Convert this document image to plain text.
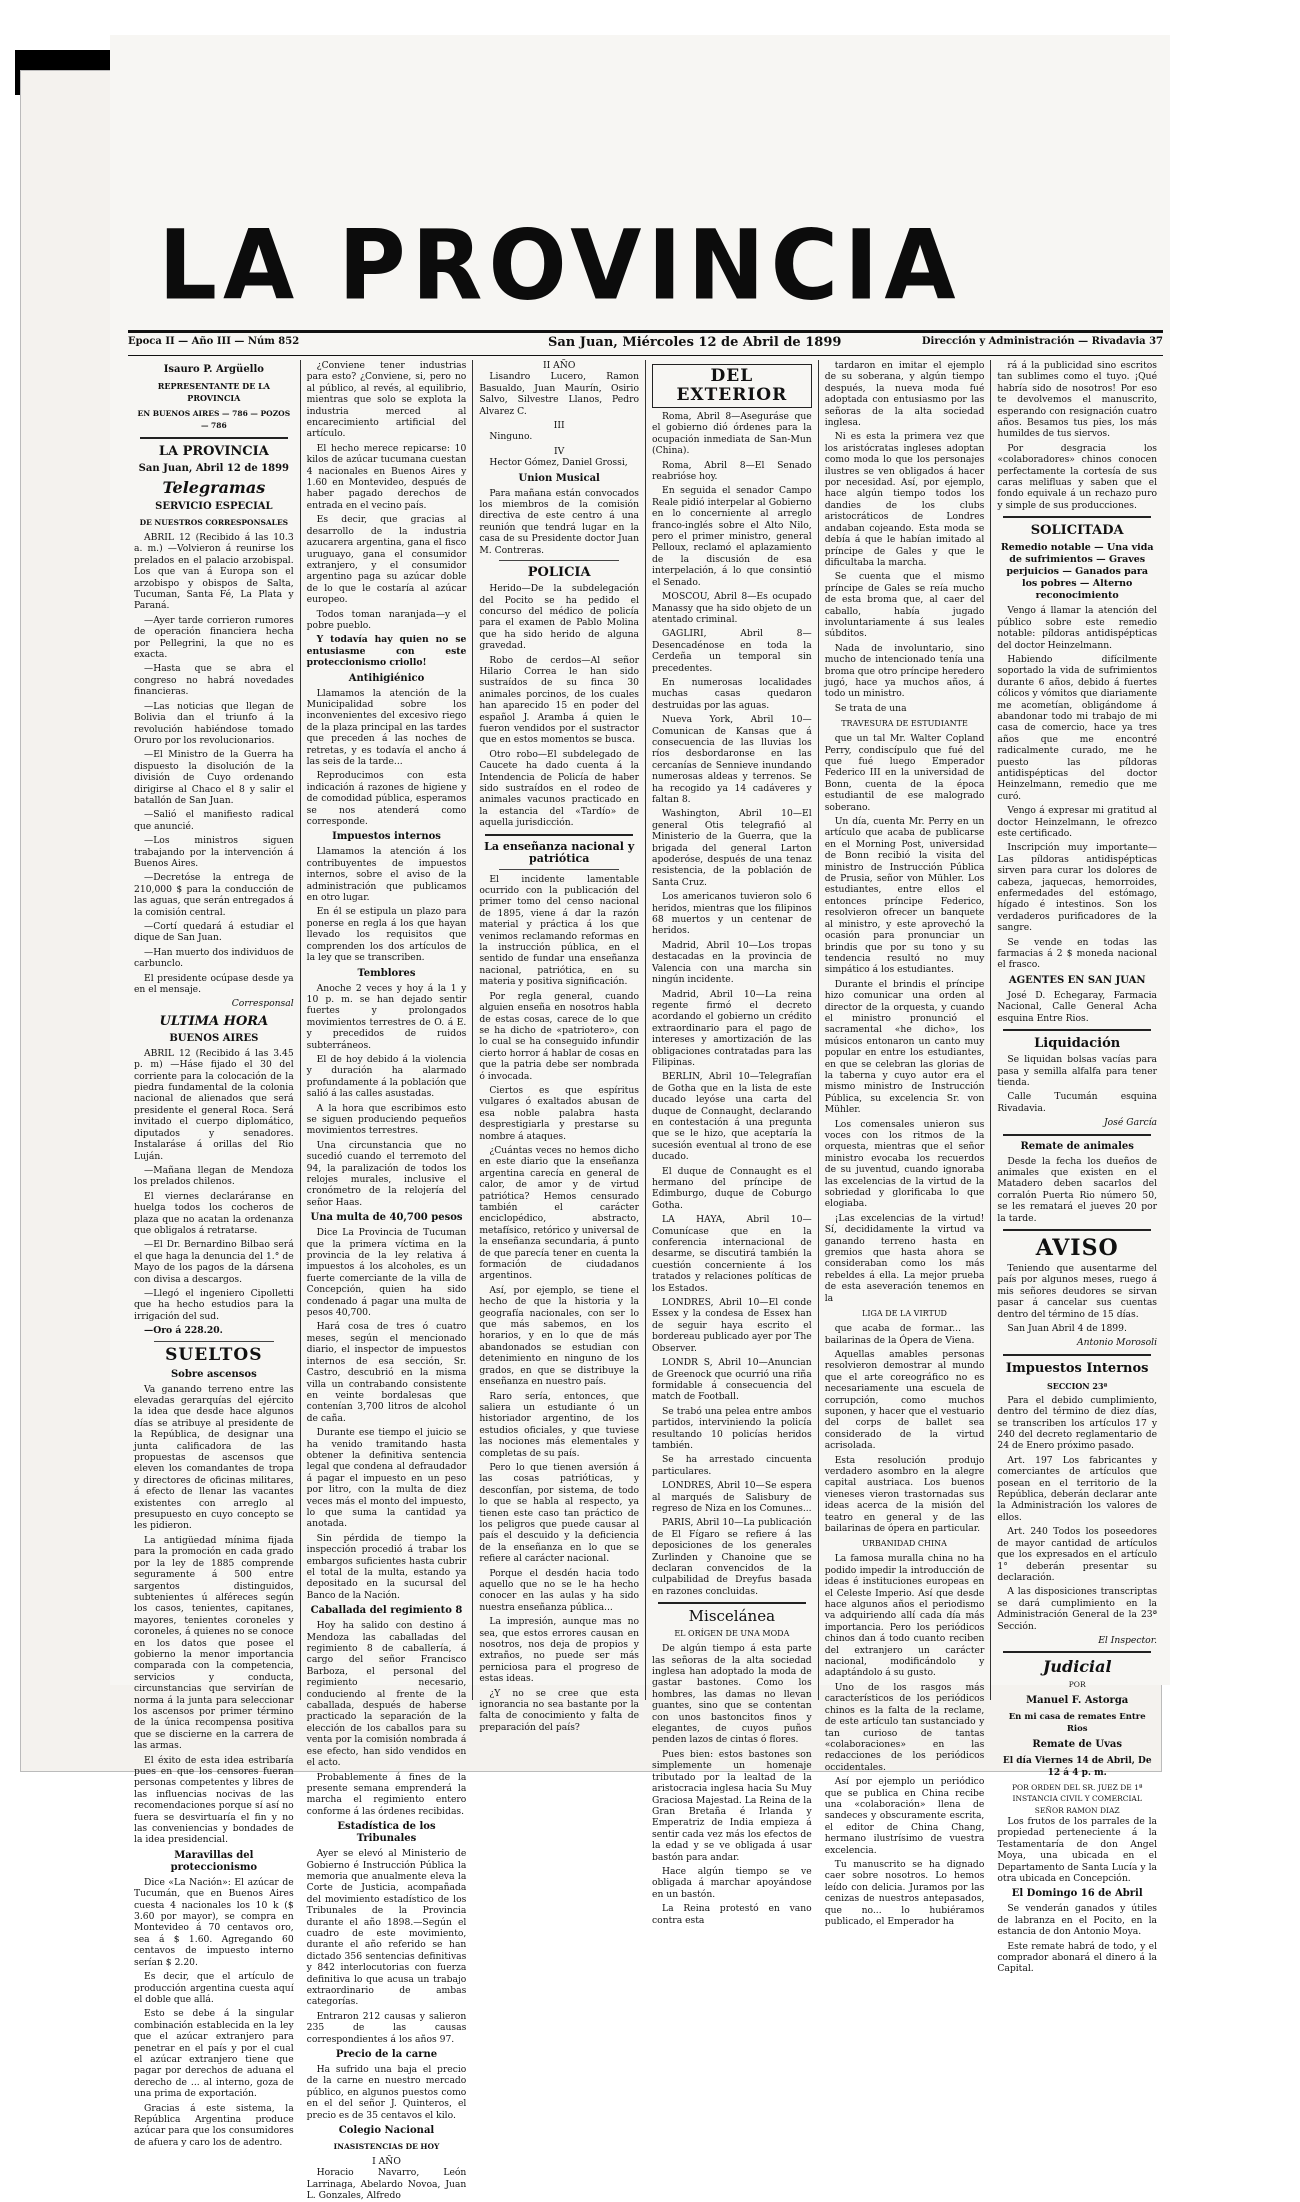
LA PROVINCIA
Epoca II — Año III — Núm 852	San Juan, Miércoles 12 de Abril de 1899	Dirección y Administración — Rivadavia 37
Isauro P. Argüello
REPRESENTANTE DE LA PROVINCIA
EN BUENOS AIRES — 786 — POZOS — 786
LA PROVINCIA
San Juan, Abril 12 de 1899
Telegramas
SERVICIO ESPECIAL
DE NUESTROS CORRESPONSALES

ABRIL 12 (Recibido á las 10.3 a. m.) —Volvieron á reunirse los prelados en el palacio arzobispal. Los que van á Europa son el arzobispo y obispos de Salta, Tucuman, Santa Fé, La Plata y Paraná.

—Ayer tarde corrieron rumores de operación financiera hecha por Pellegrini, la que no es exacta.

—Hasta que se abra el congreso no habrá novedades financieras.

—Las noticias que llegan de Bolivia dan el triunfo á la revolución habiéndose tomado Oruro por los revolucionarios.

—El Ministro de la Guerra ha dispuesto la disolución de la división de Cuyo ordenando dirigirse al Chaco el 8 y salir el batallón de San Juan.

—Salió el manifiesto radical que anuncié.

—Los ministros siguen trabajando por la intervención á Buenos Aires.

—Decretóse la entrega de 210,000 $ para la conducción de las aguas, que serán entregados á la comisión central.

—Cortí quedará á estudiar el dique de San Juan.

—Han muerto dos individuos de carbunclo.

El presidente ocúpase desde ya en el mensaje.

Corresponsal

ULTIMA HORA
BUENOS AIRES

ABRIL 12 (Recibido á las 3.45 p. m) —Háse fijado el 30 del corriente para la colocación de la piedra fundamental de la colonia nacional de alienados que será presidente el general Roca. Será invitado el cuerpo diplomático, diputados y senadores. Instalaráse á orillas del Rio Luján.

—Mañana llegan de Mendoza los prelados chilenos.

El viernes declaráranse en huelga todos los cocheros de plaza que no acatan la ordenanza que obligalos á retratarse.

—El Dr. Bernardino Bilbao será el que haga la denuncia del 1.° de Mayo de los pagos de la dársena con divisa a descargos.

—Llegó el ingeniero Cipolletti que ha hecho estudios para la irrigación del sud.

—Oro á 228.20.

SUELTOS
Sobre ascensos

Va ganando terreno entre las elevadas gerarquías del ejército la idea que desde hace algunos días se atribuye al presidente de la República, de designar una junta calificadora de las propuestas de ascensos que eleven los comandantes de tropa y directores de oficinas militares, á efecto de llenar las vacantes existentes con arreglo al presupuesto en cuyo concepto se les pidieron.

La antigüedad mínima fijada para la promoción en cada grado por la ley de 1885 comprende seguramente á 500 entre sargentos distinguidos, subtenientes ú alféreces según los casos, tenientes, capitanes, mayores, tenientes coroneles y coroneles, á quienes no se conoce en los datos que posee el gobierno la menor importancia comparada con la competencia, servicios y conducta, circunstancias que servirían de norma á la junta para seleccionar los ascensos por primer término de la única recompensa positiva que se discierne en la carrera de las armas.

El éxito de esta idea estribaría pues en que los censores fueran personas competentes y libres de las influencias nocivas de las recomendaciones porque sí así no fuera se desvirtuaría el fin y no las conveniencias y bondades de la idea presidencial.

Maravillas del proteccionismo

Dice «La Nación»: El azúcar de Tucumán, que en Buenos Aires cuesta 4 nacionales los 10 k ($ 3.60 por mayor), se compra en Montevideo á 70 centavos oro, sea á $ 1.60. Agregando 60 centavos de impuesto interno serían $ 2.20.

Es decir, que el artículo de producción argentina cuesta aquí el doble que allá.

Esto se debe á la singular combinación establecida en la ley que el azúcar extranjero para penetrar en el país y por el cual el azúcar extranjero tiene que pagar por derechos de aduana el derecho de ... al interno, goza de una prima de exportación.

Gracias á este sistema, la República Argentina produce azúcar para que los consumidores de afuera y caro los de adentro.

¿Conviene tener industrias para esto? ¿Conviene, si, pero no al público, al revés, al equilibrio, mientras que solo se explota la industria merced al encarecimiento artificial del artículo.

El hecho merece repicarse: 10 kilos de azúcar tucumana cuestan 4 nacionales en Buenos Aires y 1.60 en Montevideo, después de haber pagado derechos de entrada en el vecino país.

Es decir, que gracias al desarrollo de la industria azucarera argentina, gana el fisco uruguayo, gana el consumidor extranjero, y el consumidor argentino paga su azúcar doble de lo que le costaría al azúcar europeo.

Todos toman naranjada—y el pobre pueblo.

Y todavía hay quien no se entusiasme con este proteccionismo criollo!

Antihigiénico

Llamamos la atención de la Municipalidad sobre los inconvenientes del excesivo riego de la plaza principal en las tardes que preceden á las noches de retretas, y es todavía el ancho á las seis de la tarde...

Reproducimos con esta indicación á razones de higiene y de comodidad pública, esperamos se nos atenderá como corresponde.

Impuestos internos

Llamamos la atención á los contribuyentes de impuestos internos, sobre el aviso de la administración que publicamos en otro lugar.

En él se estipula un plazo para ponerse en regla á los que hayan llevado los requisitos que comprenden los dos artículos de la ley que se transcriben.

Temblores

Anoche 2 veces y hoy á la 1 y 10 p. m. se han dejado sentir fuertes y prolongados movimientos terrestres de O. á E. y precedidos de ruidos subterráneos.

El de hoy debido á la violencia y duración ha alarmado profundamente á la población que salió á las calles asustadas.

A la hora que escribimos esto se siguen produciendo pequeños movimientos terrestres.

Una circunstancia que no sucedió cuando el terremoto del 94, la paralización de todos los relojes murales, inclusive el cronómetro de la relojería del señor Haas.

Una multa de 40,700 pesos

Dice La Provincia de Tucuman que la primera víctima en la provincia de la ley relativa á impuestos á los alcoholes, es un fuerte comerciante de la villa de Concepción, quien ha sido condenado á pagar una multa de pesos 40,700.

Hará cosa de tres ó cuatro meses, según el mencionado diario, el inspector de impuestos internos de esa sección, Sr. Castro, descubrió en la misma villa un contrabando consistente en veinte bordalesas que contenían 3,700 litros de alcohol de caña.

Durante ese tiempo el juicio se ha venido tramitando hasta obtener la definitiva sentencia legal que condena al defraudador á pagar el impuesto en un peso por litro, con la multa de diez veces más el monto del impuesto, lo que suma la cantidad ya anotada.

Sin pérdida de tiempo la inspección procedió á trabar los embargos suficientes hasta cubrir el total de la multa, estando ya depositado en la sucursal del Banco de la Nación.

Caballada del regimiento 8

Hoy ha salido con destino á Mendoza las caballadas del regimiento 8 de caballería, á cargo del señor Francisco Barboza, el personal del regimiento necesario, conduciendo al frente de la caballada, después de haberse practicado la separación de la elección de los caballos para su venta por la comisión nombrada á ese efecto, han sido vendidos en el acto.

Probablemente á fines de la presente semana emprenderá la marcha el regimiento entero conforme á las órdenes recibidas.

Estadística de los Tribunales

Ayer se elevó al Ministerio de Gobierno é Instrucción Pública la memoria que anualmente eleva la Corte de Justicia, acompañada del movimiento estadístico de los Tribunales de la Provincia durante el año 1898.—Según el cuadro de este movimiento, durante el año referido se han dictado 356 sentencias definitivas y 842 interlocutorias con fuerza definitiva lo que acusa un trabajo extraordinario de ambas categorías.

Entraron 212 causas y salieron 235 de las causas correspondientes á los años 97.

Precio de la carne

Ha sufrido una baja el precio de la carne en nuestro mercado público, en algunos puestos como en el del señor J. Quinteros, el precio es de 35 centavos el kilo.

Colegio Nacional
INASISTENCIAS DE HOY
I AÑO

Horacio Navarro, León Larrinaga, Abelardo Novoa, Juan L. Gonzales, Alfredo

II AÑO

Lisandro Lucero, Ramon Basualdo, Juan Maurín, Osirio Salvo, Silvestre Llanos, Pedro Alvarez C.

III

Ninguno.

IV

Hector Gómez, Daniel Grossi,

Union Musical

Para mañana están convocados los miembros de la comisión directiva de este centro á una reunión que tendrá lugar en la casa de su Presidente doctor Juan M. Contreras.

POLICIA

Herido—De la subdelegación del Pocito se ha pedido el concurso del médico de policía para el examen de Pablo Molina que ha sido herido de alguna gravedad.

Robo de cerdos—Al señor Hilario Correa le han sido sustraídos de su finca 30 animales porcinos, de los cuales han aparecido 15 en poder del español J. Aramba á quien le fueron vendidos por el sustractor que en estos momentos se busca.

Otro robo—El subdelegado de Caucete ha dado cuenta á la Intendencia de Policía de haber sido sustraídos en el rodeo de animales vacunos practicado en la estancia del «Tardío» de aquella jurisdicción.

La enseñanza nacional y patriótica

El incidente lamentable ocurrido con la publicación del primer tomo del censo nacional de 1895, viene á dar la razón material y práctica á los que venimos reclamando reformas en la instrucción pública, en el sentido de fundar una enseñanza nacional, patriótica, en su materia y positiva significación.

Por regla general, cuando alguien enseña en nosotros habla de estas cosas, carece de lo que se ha dicho de «patriotero», con lo cual se ha conseguido infundir cierto horror á hablar de cosas en que la patria debe ser nombrada ó invocada.

Ciertos es que espíritus vulgares ó exaltados abusan de esa noble palabra hasta desprestigiarla y prestarse su nombre á ataques.

¿Cuántas veces no hemos dicho en este diario que la enseñanza argentina carecía en general de calor, de amor y de virtud patriótica? Hemos censurado también el carácter enciclopédico, abstracto, metafísico, retórico y universal de la enseñanza secundaria, á punto de que parecía tener en cuenta la formación de ciudadanos argentinos.

Así, por ejemplo, se tiene el hecho de que la historia y la geografía nacionales, con ser lo que más sabemos, en los horarios, y en lo que de más abandonados se estudian con detenimiento en ninguno de los grados, en que se distribuye la enseñanza en nuestro país.

Raro sería, entonces, que saliera un estudiante ó un historiador argentino, de los estudios oficiales, y que tuviese las nociones más elementales y completas de su país.

Pero lo que tienen aversión á las cosas patrióticas, y desconfían, por sistema, de todo lo que se habla al respecto, ya tienen este caso tan práctico de los peligros que puede causar al país el descuido y la deficiencia de la enseñanza en lo que se refiere al carácter nacional.

Porque el desdén hacia todo aquello que no se le ha hecho conocer en las aulas y ha sido nuestra enseñanza pública...

La impresión, aunque mas no sea, que estos errores causan en nosotros, nos deja de propios y extraños, no puede ser más perniciosa para el progreso de estas ideas.

¿Y no se cree que esta ignorancia no sea bastante por la falta de conocimiento y falta de preparación del país?

DEL EXTERIOR

Roma, Abril 8—Aseguráse que el gobierno dió órdenes para la ocupación inmediata de San-Mun (China).

Roma, Abril 8—El Senado reabrióse hoy.

En seguida el senador Campo Reale pidió interpelar al Gobierno en lo concerniente al arreglo franco-inglés sobre el Alto Nilo, pero el primer ministro, general Pelloux, reclamó el aplazamiento de la discusión de esa interpelación, á lo que consintió el Senado.

MOSCOU, Abril 8—Es ocupado Manassy que ha sido objeto de un atentado criminal.

GAGLIRI, Abril 8—Desencadénose en toda la Cerdeña un temporal sin precedentes.

En numerosas localidades muchas casas quedaron destruidas por las aguas.

Nueva York, Abril 10—Comunican de Kansas que á consecuencia de las lluvias los ríos desbordaronse en las cercanías de Sennieve inundando numerosas aldeas y terrenos. Se ha recogido ya 14 cadáveres y faltan 8.

Washington, Abril 10—El general Otis telegrafió al Ministerio de la Guerra, que la brigada del general Larton apoderóse, después de una tenaz resistencia, de la población de Santa Cruz.

Los americanos tuvieron solo 6 heridos, mientras que los filipinos 68 muertos y un centenar de heridos.

Madrid, Abril 10—Los tropas destacadas en la provincia de Valencia con una marcha sin ningún incidente.

Madrid, Abril 10—La reina regente firmó el decreto acordando el gobierno un crédito extraordinario para el pago de intereses y amortización de las obligaciones contratadas para las Filipinas.

BERLIN, Abril 10—Telegrafían de Gotha que en la lista de este ducado leyóse una carta del duque de Connaught, declarando en contestación á una pregunta que se le hizo, que aceptaría la sucesión eventual al trono de ese ducado.

El duque de Connaught es el hermano del príncipe de Edimburgo, duque de Coburgo Gotha.

LA HAYA, Abril 10—Comunícase que en la conferencia internacional de desarme, se discutirá también la cuestión concerniente á los tratados y relaciones políticas de los Estados.

LONDRES, Abril 10—El conde Essex y la condesa de Essex han de seguir haya escrito el bordereau publicado ayer por The Observer.

LONDR S, Abril 10—Anuncian de Greenock que ocurrió una riña formidable á consecuencia del match de Football.

Se trabó una pelea entre ambos partidos, interviniendo la policía resultando 10 policías heridos también.

Se ha arrestado cincuenta particulares.

LONDRES, Abril 10—Se espera al marqués de Salisbury de regreso de Niza en los Comunes...

PARIS, Abril 10—La publicación de El Fígaro se refiere á las deposiciones de los generales Zurlinden y Chanoine que se declaran convencidos de la culpabilidad de Dreyfus basada en razones concluidas.

Miscelánea
EL ORÍGEN DE UNA MODA

De algún tiempo á esta parte las señoras de la alta sociedad inglesa han adoptado la moda de gastar bastones. Como los hombres, las damas no llevan guantes, sino que se contentan con unos bastoncitos finos y elegantes, de cuyos puños penden lazos de cintas ó flores.

Pues bien: estos bastones son simplemente un homenaje tributado por la lealtad de la aristocracia inglesa hacia Su Muy Graciosa Majestad. La Reina de la Gran Bretaña é Irlanda y Emperatriz de India empieza á sentir cada vez más los efectos de la edad y se ve obligada á usar bastón para andar.

Hace algún tiempo se ve obligada á marchar apoyándose en un bastón.

La Reina protestó en vano contra esta

tardaron en imitar el ejemplo de su soberana, y algún tiempo después, la nueva moda fué adoptada con entusiasmo por las señoras de la alta sociedad inglesa.

Ni es esta la primera vez que los aristócratas ingleses adoptan como moda lo que los personajes ilustres se ven obligados á hacer por necesidad. Así, por ejemplo, hace algún tiempo todos los dandies de los clubs aristocráticos de Londres andaban cojeando. Esta moda se debía á que le habían imitado al príncipe de Gales y que le dificultaba la marcha.

Se cuenta que el mismo príncipe de Gales se reía mucho de esta broma que, al caer del caballo, había jugado involuntariamente á sus leales súbditos.

Nada de involuntario, sino mucho de intencionado tenía una broma que otro príncipe heredero jugó, hace ya muchos años, á todo un ministro.

Se trata de una

TRAVESURA DE ESTUDIANTE

que un tal Mr. Walter Copland Perry, condiscípulo que fué del que fué luego Emperador Federico III en la universidad de Bonn, cuenta de la época estudiantil de ese malogrado soberano.

Un día, cuenta Mr. Perry en un artículo que acaba de publicarse en el Morning Post, universidad de Bonn recibió la visita del ministro de Instrucción Pública de Prusia, señor von Mühler. Los estudiantes, entre ellos el entonces príncipe Federico, resolvieron ofrecer un banquete al ministro, y este aprovechó la ocasión para pronunciar un brindis que por su tono y su tendencia resultó no muy simpático á los estudiantes.

Durante el brindis el príncipe hizo comunicar una orden al director de la orquesta, y cuando el ministro pronunció el sacramental «he dicho», los músicos entonaron un canto muy popular en entre los estudiantes, en que se celebran las glorias de la taberna y cuyo autor era el mismo ministro de Instrucción Pública, su excelencia Sr. von Mühler.

Los comensales unieron sus voces con los ritmos de la orquesta, mientras que el señor ministro evocaba los recuerdos de su juventud, cuando ignoraba las excelencias de la virtud de la sobriedad y glorificaba lo que elogiaba.

¡Las excelencias de la virtud! Sí, decididamente la virtud va ganando terreno hasta en gremios que hasta ahora se consideraban como los más rebeldes á ella. La mejor prueba de esta aseveración tenemos en la

LIGA DE LA VIRTUD

que acaba de formar... las bailarinas de la Ópera de Viena.

Aquellas amables personas resolvieron demostrar al mundo que el arte coreográfico no es necesariamente una escuela de corrupción, como muchos suponen, y hacer que el vestuario del corps de ballet sea considerado de la virtud acrisolada.

Esta resolución produjo verdadero asombro en la alegre capital austriaca. Los buenos vieneses vieron trastornadas sus ideas acerca de la misión del teatro en general y de las bailarinas de ópera en particular.

URBANIDAD CHINA

La famosa muralla china no ha podido impedir la introducción de ideas é instituciones europeas en el Celeste Imperio. Así que desde hace algunos años el periodismo va adquiriendo allí cada día más importancia. Pero los periódicos chinos dan á todo cuanto reciben del extranjero un carácter nacional, modificándolo y adaptándolo á su gusto.

Uno de los rasgos más característicos de los periódicos chinos es la falta de la reclame, de este artículo tan sustanciado y tan curioso de tantas «colaboraciones» en las redacciones de los periódicos occidentales.

Así por ejemplo un periódico que se publica en China recibe una «colaboración» llena de sandeces y obscuramente escrita, el editor de China Chang, hermano ilustrísimo de vuestra excelencia.

Tu manuscrito se ha dignado caer sobre nosotros. Lo hemos leído con delicia. Juramos por las cenizas de nuestros antepasados, que no... lo hubiéramos publicado, el Emperador ha

rá á la publicidad sino escritos tan sublimes como el tuyo. ¡Qué habría sido de nosotros! Por eso te devolvemos el manuscrito, esperando con resignación cuatro años. Besamos tus pies, los más humildes de tus siervos.

Por desgracia los «colaboradores» chinos conocen perfectamente la cortesía de sus caras melifluas y saben que el fondo equivale á un rechazo puro y simple de sus producciones.

SOLICITADA
Remedio notable — Una vida de sufrimientos — Graves perjuicios — Ganados para los pobres — Alterno reconocimiento

Vengo á llamar la atención del público sobre este remedio notable: píldoras antidispépticas del doctor Heinzelmann.

Habiendo difícilmente soportado la vida de sufrimientos durante 6 años, debido á fuertes cólicos y vómitos que diariamente me acometían, obligándome á abandonar todo mi trabajo de mi casa de comercio, hace ya tres años que me encontré radicalmente curado, me he puesto las píldoras antidispépticas del doctor Heinzelmann, remedio que me curó.

Vengo á expresar mi gratitud al doctor Heinzelmann, le ofrezco este certificado.

Inscripción muy importante—Las píldoras antidispépticas sirven para curar los dolores de cabeza, jaquecas, hemorroides, enfermedades del estómago, hígado é intestinos. Son los verdaderos purificadores de la sangre.

Se vende en todas las farmacias á 2 $ moneda nacional el frasco.

AGENTES EN SAN JUAN

José D. Echegaray, Farmacia Nacional, Calle General Acha esquina Entre Rios.

Liquidación

Se liquidan bolsas vacías para pasa y semilla alfalfa para tener tienda.

Calle Tucumán esquina Rivadavia.

José García

Remate de animales

Desde la fecha los dueños de animales que existen en el Matadero deben sacarlos del corralón Puerta Rio número 50, se les rematará el jueves 20 por la tarde.

AVISO

Teniendo que ausentarme del país por algunos meses, ruego á mis señores deudores se sirvan pasar á cancelar sus cuentas dentro del término de 15 días.

San Juan Abril 4 de 1899.

Antonio Morosoli

Impuestos Internos
SECCION 23ª

Para el debido cumplimiento, dentro del término de diez días, se transcriben los artículos 17 y 240 del decreto reglamentario de 24 de Enero próximo pasado.

Art. 197 Los fabricantes y comerciantes de artículos que posean en el territorio de la República, deberán declarar ante la Administración los valores de ellos.

Art. 240 Todos los poseedores de mayor cantidad de artículos que los expresados en el artículo 1° deberán presentar su declaración.

A las disposiciones transcriptas se dará cumplimiento en la Administración General de la 23ª Sección.

El Inspector.

Judicial
POR
Manuel F. Astorga
En mi casa de remates Entre Rios
Remate de Uvas
El día Viernes 14 de Abril, De 12 á 4 p. m.
POR ORDEN DEL SR. JUEZ DE 1ª INSTANCIA CIVIL Y COMERCIAL SEÑOR RAMON DIAZ

Los frutos de los parrales de la propiedad perteneciente á la Testamentaría de don Angel Moya, una ubicada en el Departamento de Santa Lucía y la otra ubicada en Concepción.

El Domingo 16 de Abril

Se venderán ganados y útiles de labranza en el Pocito, en la estancia de don Antonio Moya.

Este remate habrá de todo, y el comprador abonará el dinero á la Capital.
